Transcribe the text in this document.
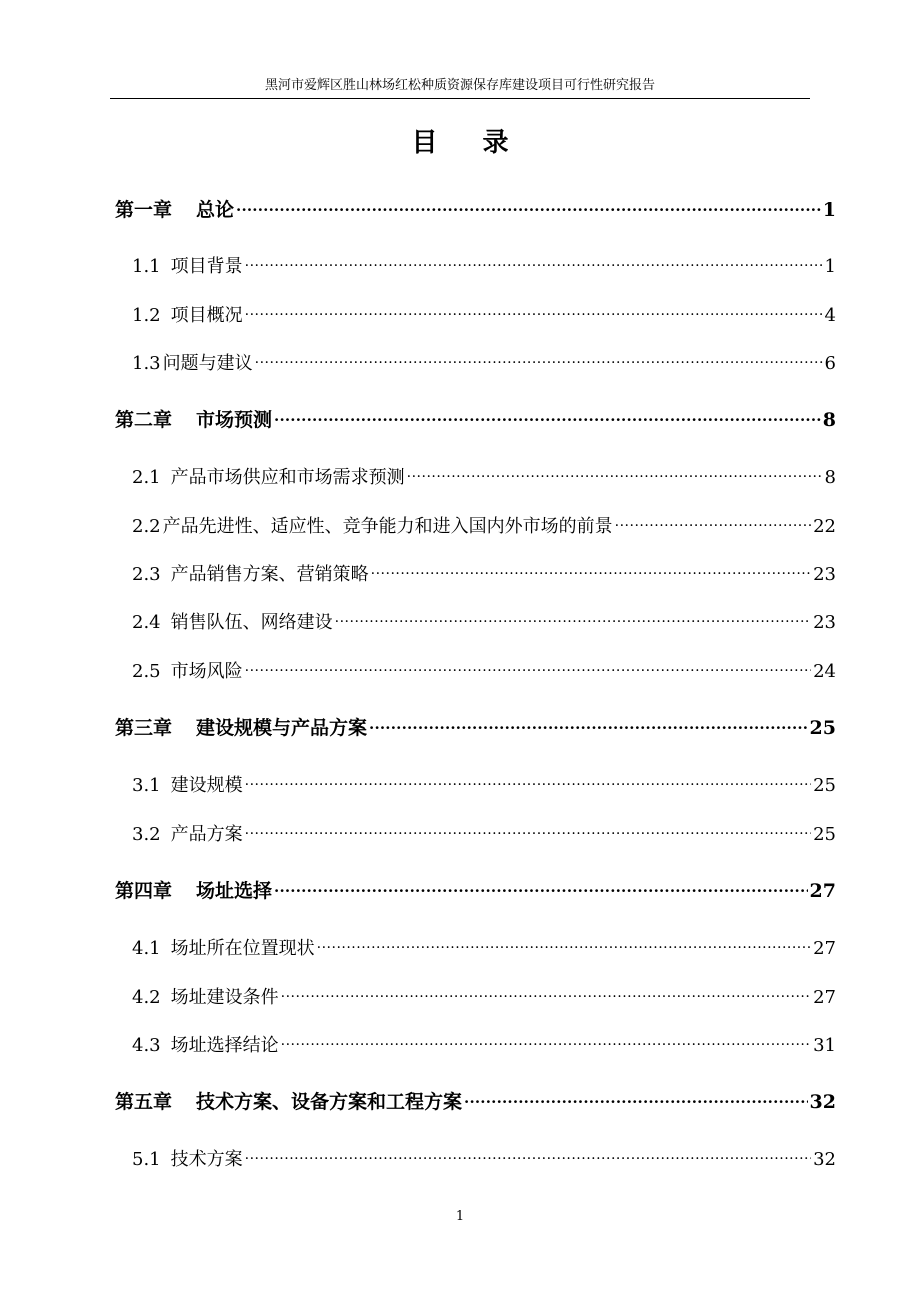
黑河市爱辉区胜山林场红松种质资源保存库建设项目可行性研究报告
目 录
第一章 总论 .....	1
1.1 项目背景 .....	1
1.2 项目概况 .....	4
1.3 问题与建议 .....	6
第二章 市场预测 .....	8
2.1 产品市场供应和市场需求预测 .....	8
2.2 产品先进性、适应性、竞争能力和进入国内外市场的前景 .....	22
2.3 产品销售方案、营销策略 .....	23
2.4 销售队伍、网络建设 .....	23
2.5 市场风险 .....	24
第三章 建设规模与产品方案 .....	25
3.1 建设规模 .....	25
3.2 产品方案 .....	25
第四章 场址选择 .....	27
4.1 场址所在位置现状 .....	27
4.2 场址建设条件 .....	27
4.3 场址选择结论 .....	31
第五章 技术方案、设备方案和工程方案 .....	32
5.1 技术方案 .....	32
1
